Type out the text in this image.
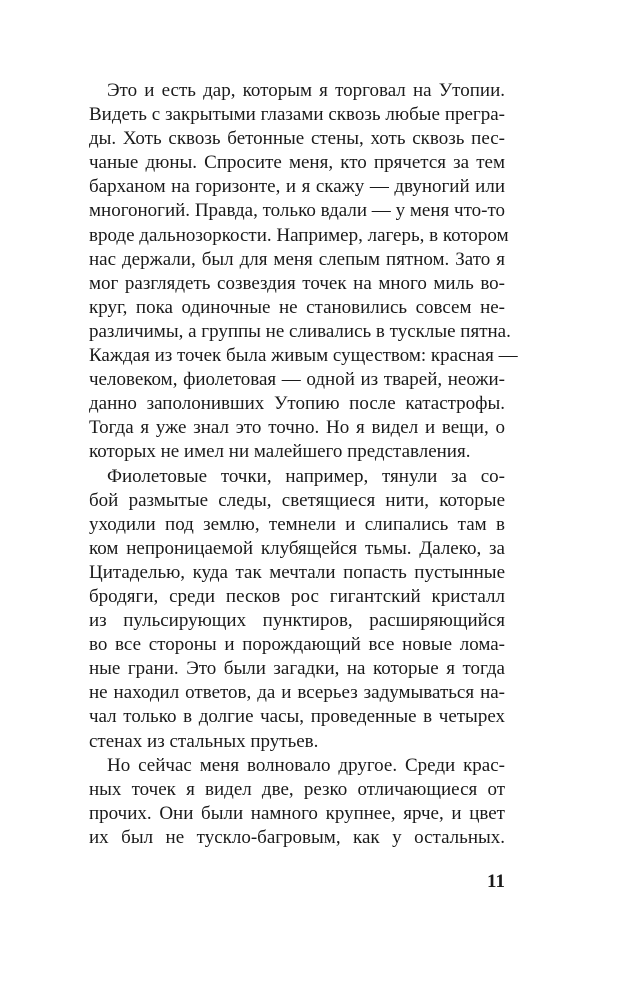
Это и есть дар, которым я торговал на Утопии.
Видеть с закрытыми глазами сквозь любые прегра-
ды. Хоть сквозь бетонные стены, хоть сквозь пес-
чаные дюны. Спросите меня, кто прячется за тем
барханом на горизонте, и я скажу — двуногий или
многоногий. Правда, только вдали — у меня что-то
вроде дальнозоркости. Например, лагерь, в котором
нас держали, был для меня слепым пятном. Зато я
мог разглядеть созвездия точек на много миль во-
круг, пока одиночные не становились совсем не-
различимы, а группы не сливались в тусклые пятна.
Каждая из точек была живым существом: красная —
человеком, фиолетовая — одной из тварей, неожи-
данно заполонивших Утопию после катастрофы.
Тогда я уже знал это точно. Но я видел и вещи, о
которых не имел ни малейшего представления.
Фиолетовые точки, например, тянули за со-
бой размытые следы, светящиеся нити, которые
уходили под землю, темнели и слипались там в
ком непроницаемой клубящейся тьмы. Далеко, за
Цитаделью, куда так мечтали попасть пустынные
бродяги, среди песков рос гигантский кристалл
из пульсирующих пунктиров, расширяющийся
во все стороны и порождающий все новые лома-
ные грани. Это были загадки, на которые я тогда
не находил ответов, да и всерьез задумываться на-
чал только в долгие часы, проведенные в четырех
стенах из стальных прутьев.
Но сейчас меня волновало другое. Среди крас-
ных точек я видел две, резко отличающиеся от
прочих. Они были намного крупнее, ярче, и цвет
их был не тускло-багровым, как у остальных.
11
